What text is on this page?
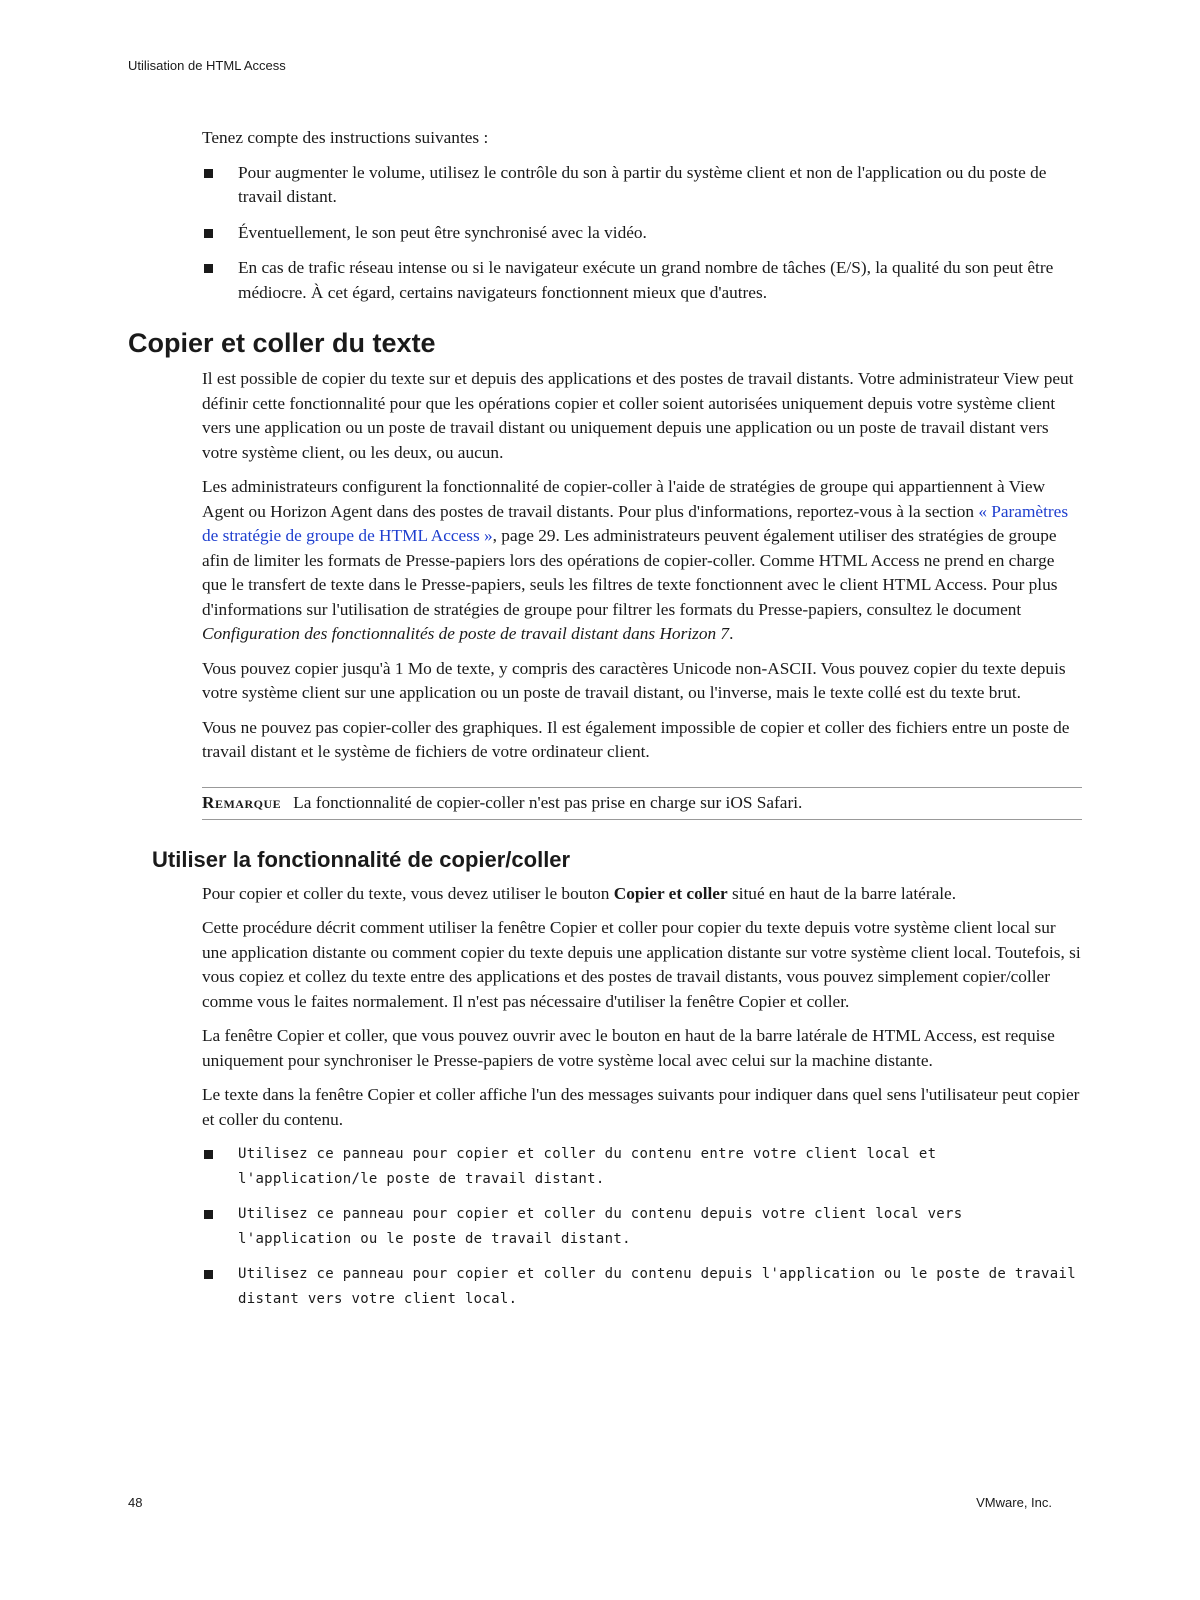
Utilisation de HTML Access

Tenez compte des instructions suivantes :

Pour augmenter le volume, utilisez le contrôle du son à partir du système client et non de l'application ou du poste de travail distant.
Éventuellement, le son peut être synchronisé avec la vidéo.
En cas de trafic réseau intense ou si le navigateur exécute un grand nombre de tâches (E/S), la qualité du son peut être médiocre. À cet égard, certains navigateurs fonctionnent mieux que d'autres.
Copier et coller du texte

Il est possible de copier du texte sur et depuis des applications et des postes de travail distants. Votre administrateur View peut définir cette fonctionnalité pour que les opérations copier et coller soient autorisées uniquement depuis votre système client vers une application ou un poste de travail distant ou uniquement depuis une application ou un poste de travail distant vers votre système client, ou les deux, ou aucun.

Les administrateurs configurent la fonctionnalité de copier-coller à l'aide de stratégies de groupe qui appartiennent à View Agent ou Horizon Agent dans des postes de travail distants. Pour plus d'informations, reportez-vous à la section « Paramètres de stratégie de groupe de HTML Access », page 29. Les administrateurs peuvent également utiliser des stratégies de groupe afin de limiter les formats de Presse-papiers lors des opérations de copier-coller. Comme HTML Access ne prend en charge que le transfert de texte dans le Presse-papiers, seuls les filtres de texte fonctionnent avec le client HTML Access. Pour plus d'informations sur l'utilisation de stratégies de groupe pour filtrer les formats du Presse-papiers, consultez le document Configuration des fonctionnalités de poste de travail distant dans Horizon 7.

Vous pouvez copier jusqu'à 1 Mo de texte, y compris des caractères Unicode non-ASCII. Vous pouvez copier du texte depuis votre système client sur une application ou un poste de travail distant, ou l'inverse, mais le texte collé est du texte brut.

Vous ne pouvez pas copier-coller des graphiques. Il est également impossible de copier et coller des fichiers entre un poste de travail distant et le système de fichiers de votre ordinateur client.

Remarque La fonctionnalité de copier-coller n'est pas prise en charge sur iOS Safari.
Utiliser la fonctionnalité de copier/coller

Pour copier et coller du texte, vous devez utiliser le bouton Copier et coller situé en haut de la barre latérale.

Cette procédure décrit comment utiliser la fenêtre Copier et coller pour copier du texte depuis votre système client local sur une application distante ou comment copier du texte depuis une application distante sur votre système client local. Toutefois, si vous copiez et collez du texte entre des applications et des postes de travail distants, vous pouvez simplement copier/coller comme vous le faites normalement. Il n'est pas nécessaire d'utiliser la fenêtre Copier et coller.

La fenêtre Copier et coller, que vous pouvez ouvrir avec le bouton en haut de la barre latérale de HTML Access, est requise uniquement pour synchroniser le Presse-papiers de votre système local avec celui sur la machine distante.

Le texte dans la fenêtre Copier et coller affiche l'un des messages suivants pour indiquer dans quel sens l'utilisateur peut copier et coller du contenu.

Utilisez ce panneau pour copier et coller du contenu entre votre client local et l'application/le poste de travail distant.
Utilisez ce panneau pour copier et coller du contenu depuis votre client local vers l'application ou le poste de travail distant.
Utilisez ce panneau pour copier et coller du contenu depuis l'application ou le poste de travail distant vers votre client local.
48	VMware, Inc.
